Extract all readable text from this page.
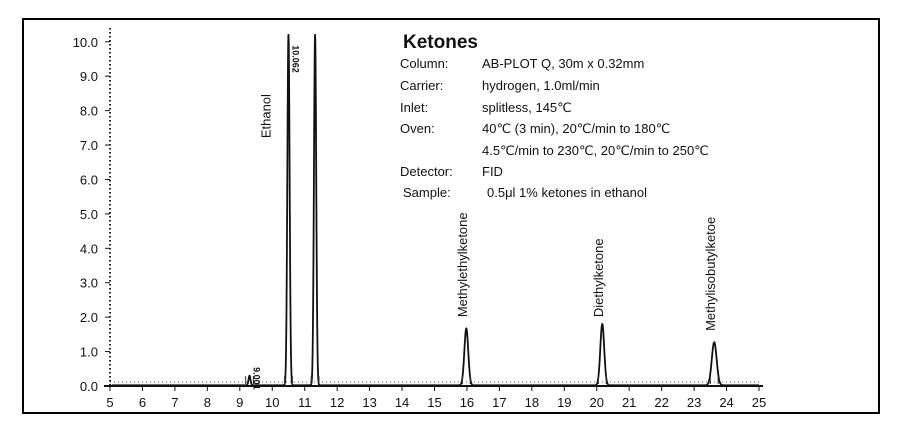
5 6 7 8 9 10 11 12 13 14 15 16 17 18 19 20 21 22 23 24 25
0.0
1.0
2.0
3.0
4.0
5.0
6.0
7.0
8.0
9.0
10.0
Ethanol
Methylethylketone	Diethylketone	Methylisobutylketoe
10.062
9.001
Ketones
Column:	AB-PLOT Q, 30m x 0.32mm
Carrier:	hydrogen, 1.0ml/min
Inlet:	splitless, 145℃
Oven:	40℃ (3 min), 20℃/min to 180℃
4.5℃/min to 230℃, 20℃/min to 250℃
Detector: FID
Sample:	0.5μl 1% ketones in ethanol
